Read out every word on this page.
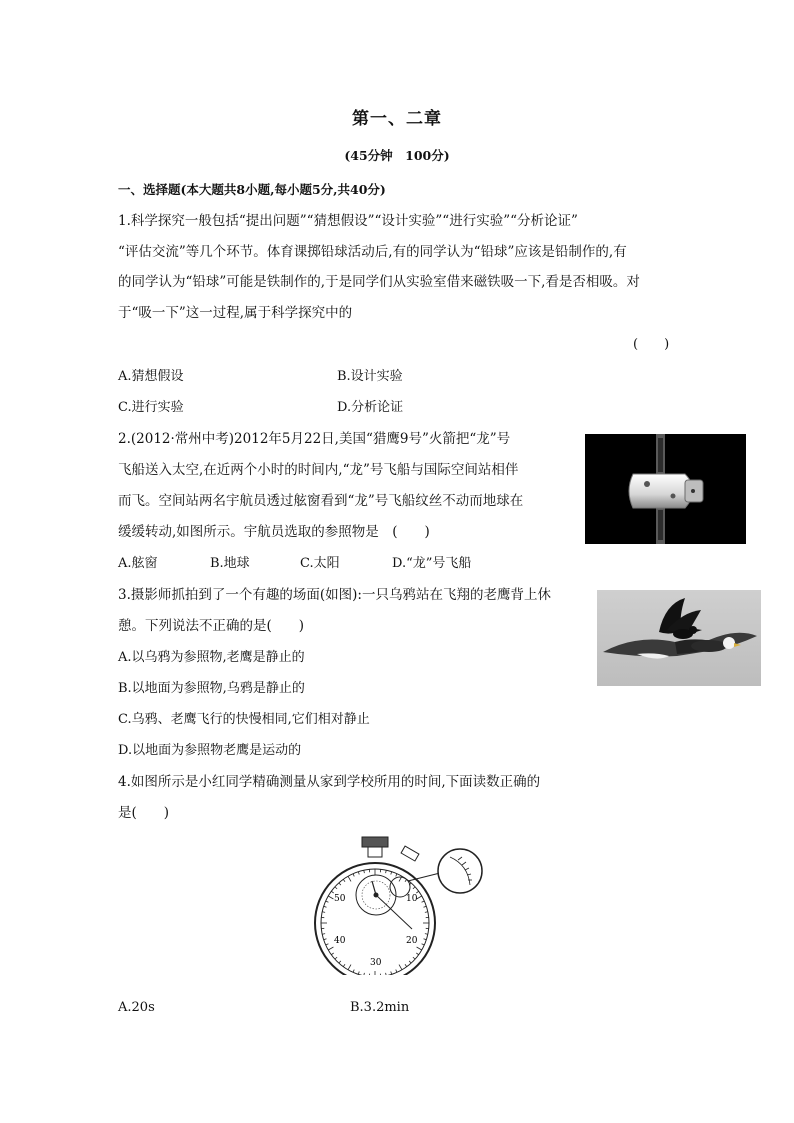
第一、二章
(45分钟　100分)
一、选择题(本大题共8小题,每小题5分,共40分)
1.科学探究一般包括“提出问题”“猜想假设”“设计实验”“进行实验”“分析论证”
“评估交流”等几个环节。体育课掷铅球活动后,有的同学认为“铅球”应该是铅制作的,有
的同学认为“铅球”可能是铁制作的,于是同学们从实验室借来磁铁吸一下,看是否相吸。对
于“吸一下”这一过程,属于科学探究中的
(　　)
A.猜想假设	B.设计实验
C.进行实验	D.分析论证
2.(2012·常州中考)2012年5月22日,美国“猎鹰9号”火箭把“龙”号
飞船送入太空,在近两个小时的时间内,“龙”号飞船与国际空间站相伴
而飞。空间站两名宇航员透过舷窗看到“龙”号飞船纹丝不动而地球在
缓缓转动,如图所示。宇航员选取的参照物是　(　　)
A.舷窗	B.地球	C.太阳	D.“龙”号飞船
3.摄影师抓拍到了一个有趣的场面(如图):一只乌鸦站在飞翔的老鹰背上休
憩。下列说法不正确的是(　　)
A.以乌鸦为参照物,老鹰是静止的
B.以地面为参照物,乌鸦是静止的
C.乌鸦、老鹰飞行的快慢相同,它们相对静止
D.以地面为参照物老鹰是运动的
4.如图所示是小红同学精确测量从家到学校所用的时间,下面读数正确的
是(　　)
50	10
40	20
30
A.20s	B.3.2min
